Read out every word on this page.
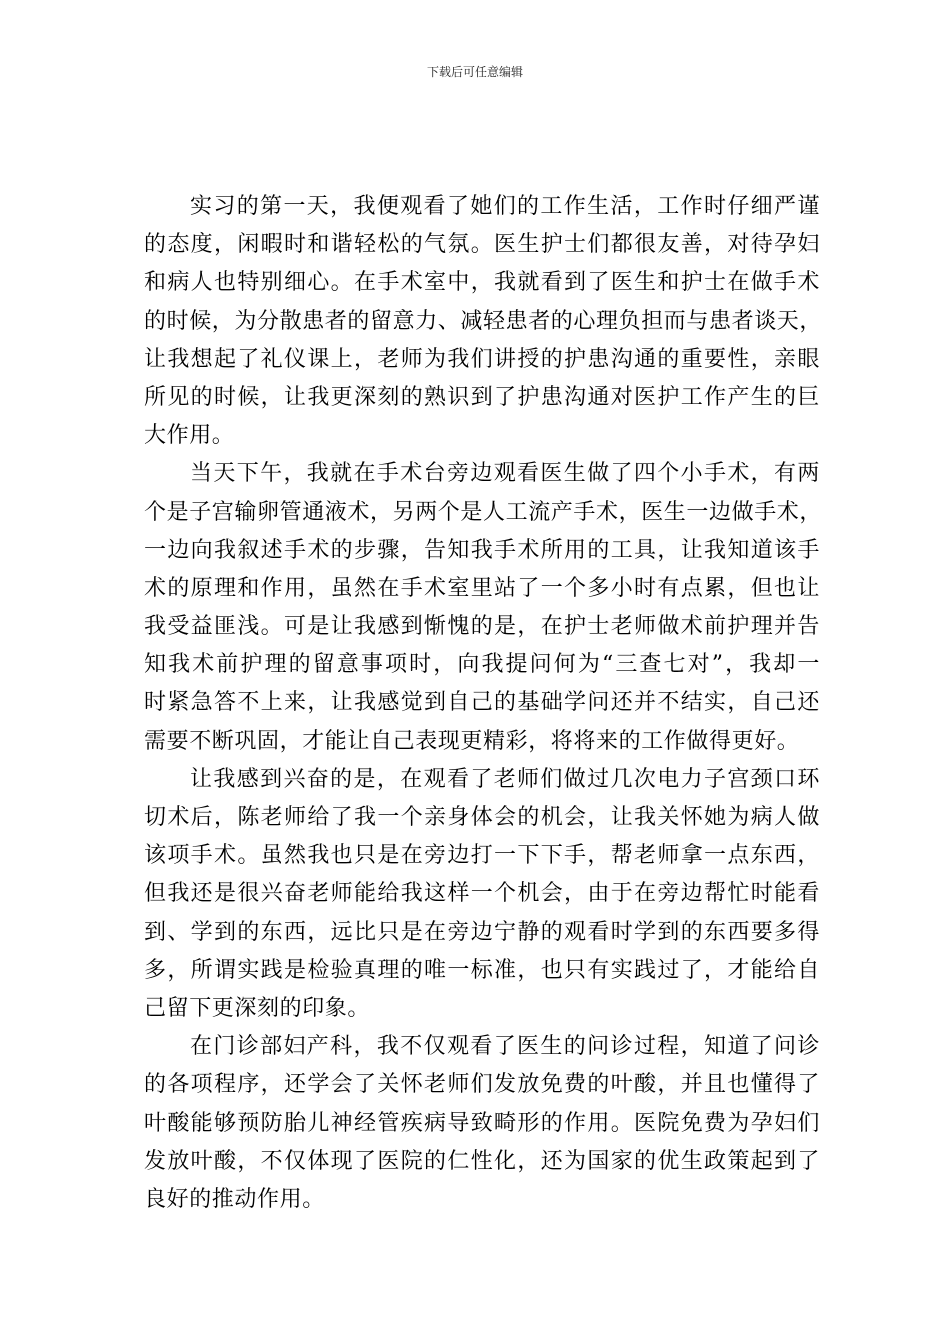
下载后可任意编辑
实习的第一天，我便观看了她们的工作生活，工作时仔细严谨
的态度，闲暇时和谐轻松的气氛。医生护士们都很友善，对待孕妇
和病人也特别细心。在手术室中，我就看到了医生和护士在做手术
的时候，为分散患者的留意力、减轻患者的心理负担而与患者谈天，
让我想起了礼仪课上，老师为我们讲授的护患沟通的重要性，亲眼
所见的时候，让我更深刻的熟识到了护患沟通对医护工作产生的巨
大作用。
当天下午，我就在手术台旁边观看医生做了四个小手术，有两
个是子宫输卵管通液术，另两个是人工流产手术，医生一边做手术，
一边向我叙述手术的步骤，告知我手术所用的工具，让我知道该手
术的原理和作用，虽然在手术室里站了一个多小时有点累，但也让
我受益匪浅。可是让我感到惭愧的是，在护士老师做术前护理并告
知我术前护理的留意事项时，向我提问何为“三查七对”，我却一
时紧急答不上来，让我感觉到自己的基础学问还并不结实，自己还
需要不断巩固，才能让自己表现更精彩，将将来的工作做得更好。
让我感到兴奋的是，在观看了老师们做过几次电力子宫颈口环
切术后，陈老师给了我一个亲身体会的机会，让我关怀她为病人做
该项手术。虽然我也只是在旁边打一下下手，帮老师拿一点东西，
但我还是很兴奋老师能给我这样一个机会，由于在旁边帮忙时能看
到、学到的东西，远比只是在旁边宁静的观看时学到的东西要多得
多，所谓实践是检验真理的唯一标准，也只有实践过了，才能给自
己留下更深刻的印象。
在门诊部妇产科，我不仅观看了医生的问诊过程，知道了问诊
的各项程序，还学会了关怀老师们发放免费的叶酸，并且也懂得了
叶酸能够预防胎儿神经管疾病导致畸形的作用。医院免费为孕妇们
发放叶酸，不仅体现了医院的仁性化，还为国家的优生政策起到了
良好的推动作用。
